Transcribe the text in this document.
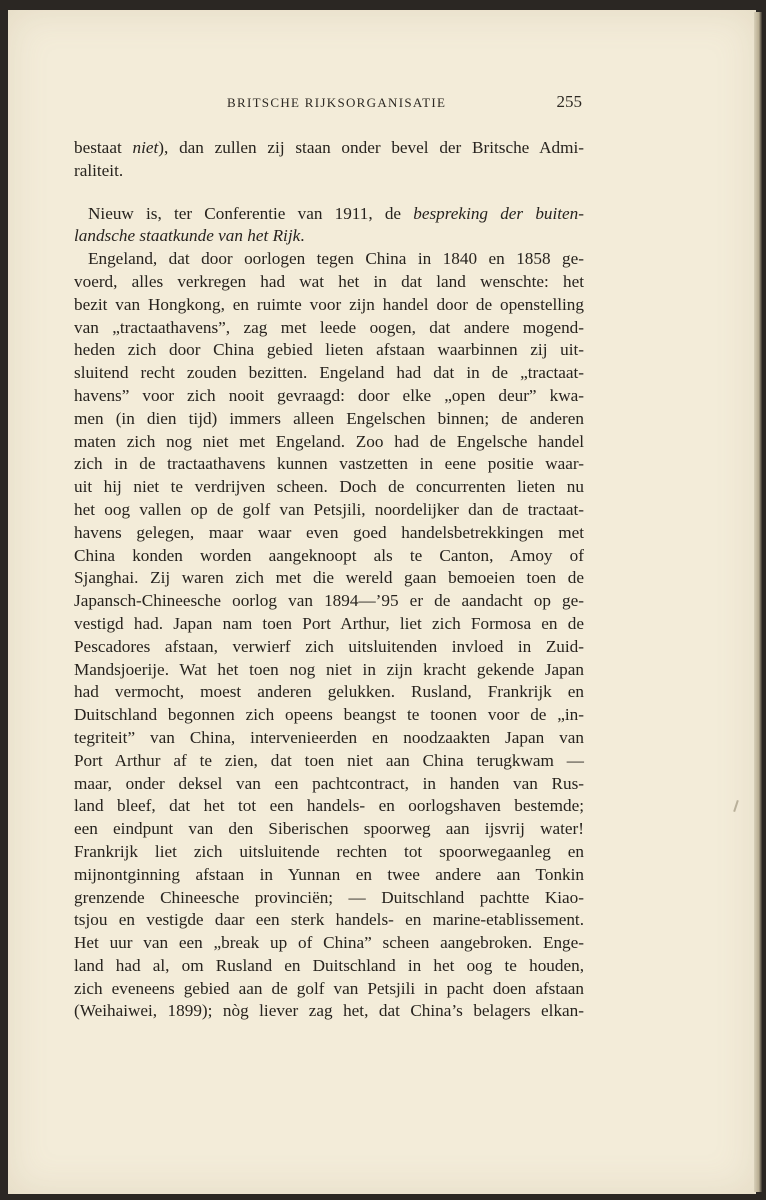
BRITSCHE RIJKSORGANISATIE	255
bestaat niet), dan zullen zij staan onder bevel der Britsche Admi-
raliteit.
Nieuw is, ter Conferentie van 1911, de bespreking der buiten-
landsche staatkunde van het Rijk.
Engeland, dat door oorlogen tegen China in 1840 en 1858 ge-
voerd, alles verkregen had wat het in dat land wenschte: het
bezit van Hongkong, en ruimte voor zijn handel door de openstelling
van „tractaathavens”, zag met leede oogen, dat andere mogend-
heden zich door China gebied lieten afstaan waarbinnen zij uit-
sluitend recht zouden bezitten. Engeland had dat in de „tractaat-
havens” voor zich nooit gevraagd: door elke „open deur” kwa-
men (in dien tijd) immers alleen Engelschen binnen; de anderen
maten zich nog niet met Engeland. Zoo had de Engelsche handel
zich in de tractaathavens kunnen vastzetten in eene positie waar-
uit hij niet te verdrijven scheen. Doch de concurrenten lieten nu
het oog vallen op de golf van Petsjili, noordelijker dan de tractaat-
havens gelegen, maar waar even goed handelsbetrekkingen met
China konden worden aangeknoopt als te Canton, Amoy of
Sjanghai. Zij waren zich met die wereld gaan bemoeien toen de
Japansch-Chineesche oorlog van 1894—’95 er de aandacht op ge-
vestigd had. Japan nam toen Port Arthur, liet zich Formosa en de
Pescadores afstaan, verwierf zich uitsluitenden invloed in Zuid-
Mandsjoerije. Wat het toen nog niet in zijn kracht gekende Japan
had vermocht, moest anderen gelukken. Rusland, Frankrijk en
Duitschland begonnen zich opeens beangst te toonen voor de „in-
tegriteit” van China, intervenieerden en noodzaakten Japan van
Port Arthur af te zien, dat toen niet aan China terugkwam —
maar, onder deksel van een pachtcontract, in handen van Rus-
land bleef, dat het tot een handels- en oorlogshaven bestemde;
een eindpunt van den Siberischen spoorweg aan ijsvrij water!
Frankrijk liet zich uitsluitende rechten tot spoorwegaanleg en
mijnontginning afstaan in Yunnan en twee andere aan Tonkin
grenzende Chineesche provinciën; — Duitschland pachtte Kiao-
tsjou en vestigde daar een sterk handels- en marine-etablissement.
Het uur van een „break up of China” scheen aangebroken. Enge-
land had al, om Rusland en Duitschland in het oog te houden,
zich eveneens gebied aan de golf van Petsjili in pacht doen afstaan
(Weihaiwei, 1899); nòg liever zag het, dat China’s belagers elkan-
